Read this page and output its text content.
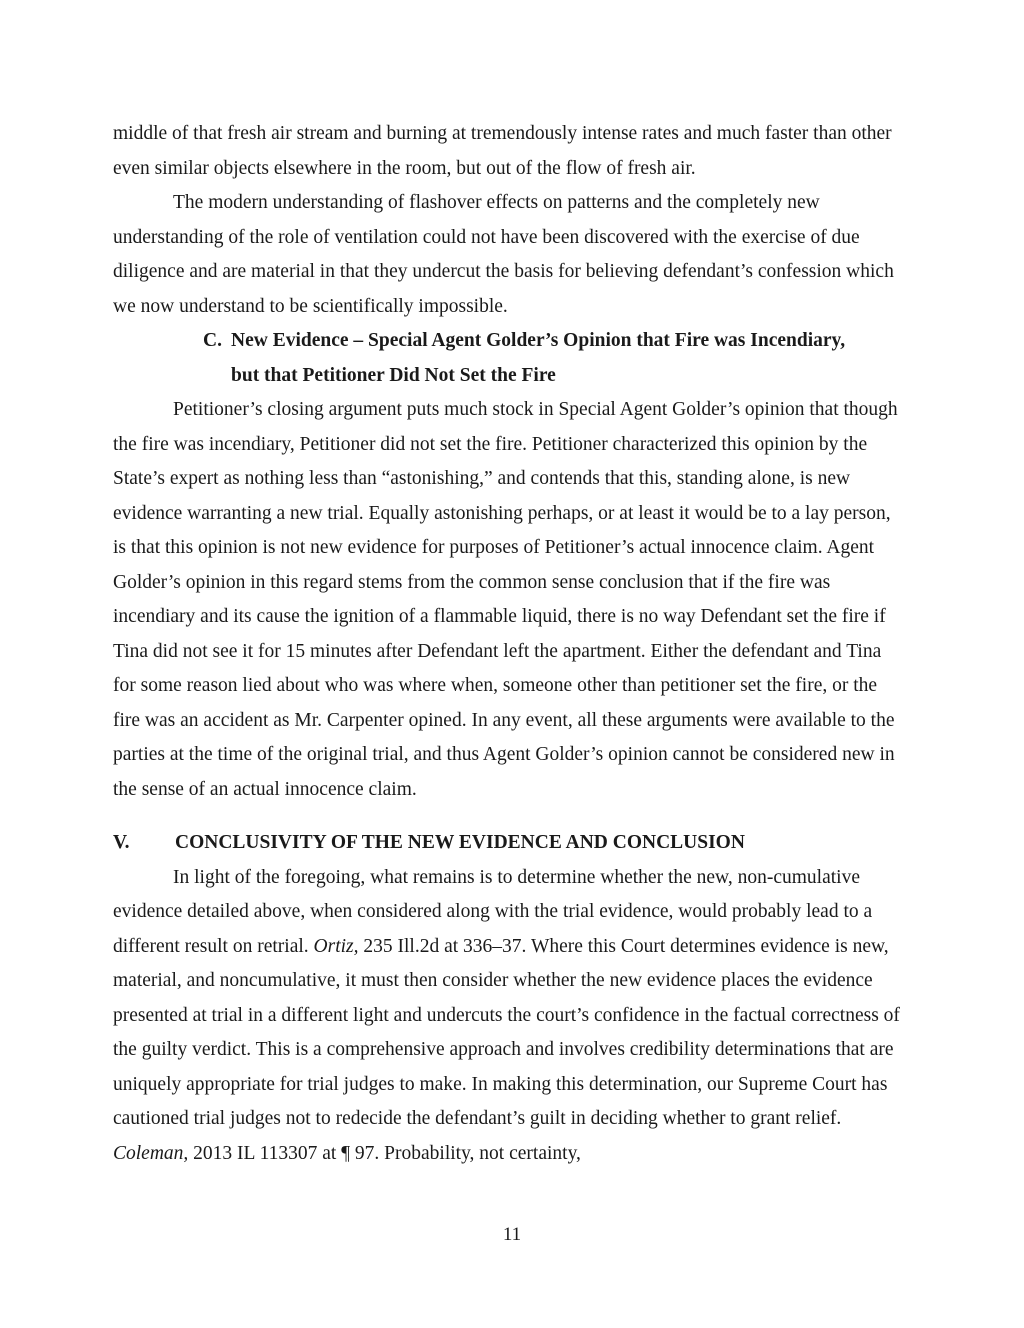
middle of that fresh air stream and burning at tremendously intense rates and much faster than other even similar objects elsewhere in the room, but out of the flow of fresh air.

The modern understanding of flashover effects on patterns and the completely new understanding of the role of ventilation could not have been discovered with the exercise of due diligence and are material in that they undercut the basis for believing defendant’s confession which we now understand to be scientifically impossible.

C. New Evidence – Special Agent Golder’s Opinion that Fire was Incendiary,
but that Petitioner Did Not Set the Fire

Petitioner’s closing argument puts much stock in Special Agent Golder’s opinion that though the fire was incendiary, Petitioner did not set the fire. Petitioner characterized this opinion by the State’s expert as nothing less than “astonishing,” and contends that this, standing alone, is new evidence warranting a new trial. Equally astonishing perhaps, or at least it would be to a lay person, is that this opinion is not new evidence for purposes of Petitioner’s actual innocence claim. Agent Golder’s opinion in this regard stems from the common sense conclusion that if the fire was incendiary and its cause the ignition of a flammable liquid, there is no way Defendant set the fire if Tina did not see it for 15 minutes after Defendant left the apartment. Either the defendant and Tina for some reason lied about who was where when, someone other than petitioner set the fire, or the fire was an accident as Mr. Carpenter opined. In any event, all these arguments were available to the parties at the time of the original trial, and thus Agent Golder’s opinion cannot be considered new in the sense of an actual innocence claim.

V.	CONCLUSIVITY OF THE NEW EVIDENCE AND CONCLUSION

In light of the foregoing, what remains is to determine whether the new, non-cumulative evidence detailed above, when considered along with the trial evidence, would probably lead to a different result on retrial. Ortiz, 235 Ill.2d at 336–37. Where this Court determines evidence is new, material, and noncumulative, it must then consider whether the new evidence places the evidence presented at trial in a different light and undercuts the court’s confidence in the factual correctness of the guilty verdict. This is a comprehensive approach and involves credibility determinations that are uniquely appropriate for trial judges to make. In making this determination, our Supreme Court has cautioned trial judges not to redecide the defendant’s guilt in deciding whether to grant relief. Coleman, 2013 IL 113307 at ¶ 97. Probability, not certainty,

11
